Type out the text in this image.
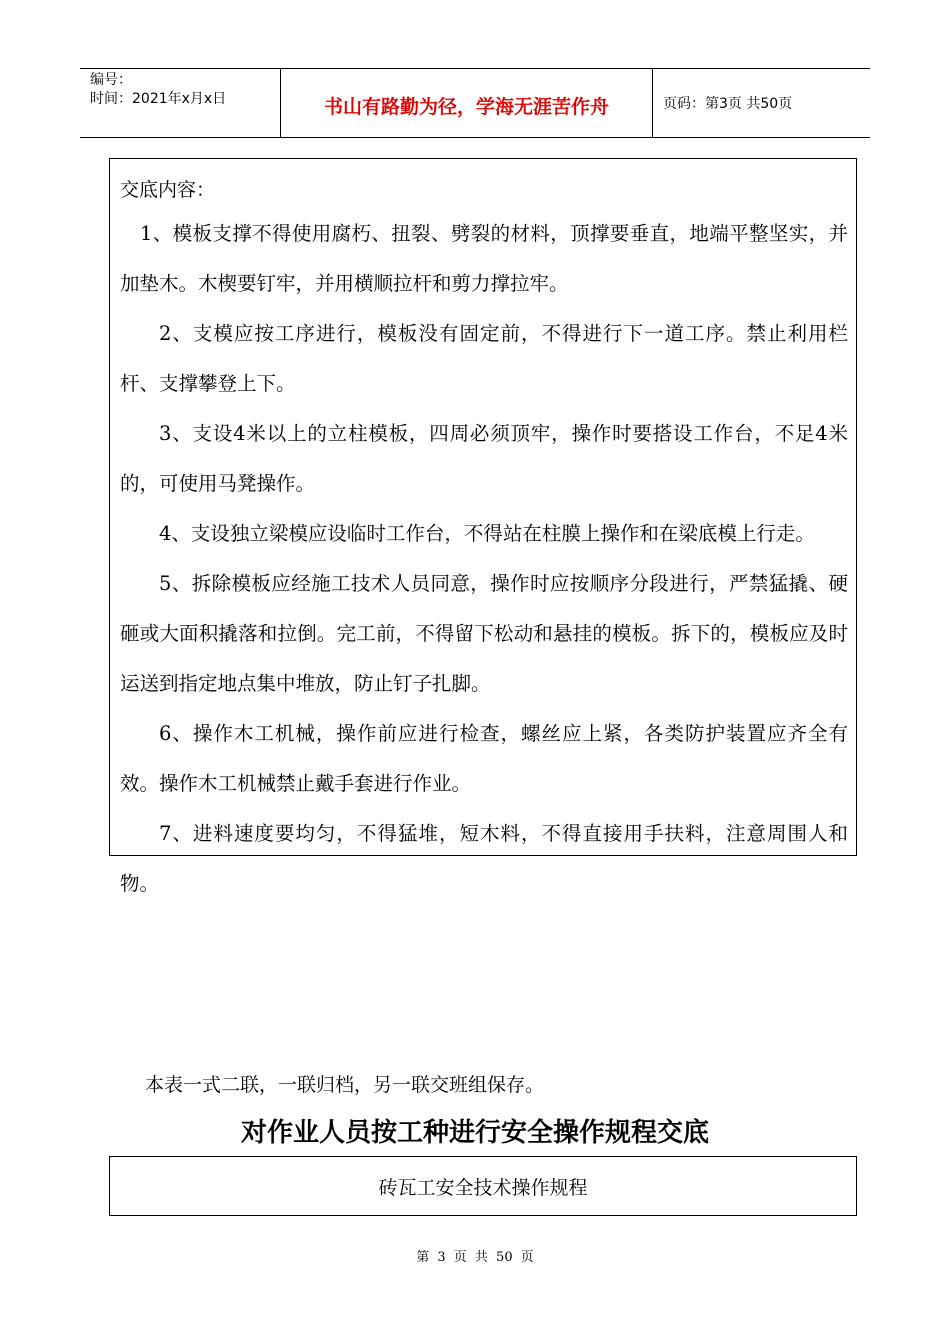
编号：
时间：2021年x月x日	书山有路勤为径，学海无涯苦作舟	页码：第3页 共50页
交底内容：

1、模板支撑不得使用腐朽、扭裂、劈裂的材料，顶撑要垂直，地端平整坚实，并加垫木。木楔要钉牢，并用横顺拉杆和剪力撑拉牢。

2、支模应按工序进行，模板没有固定前，不得进行下一道工序。禁止利用栏杆、支撑攀登上下。

3、支设4米以上的立柱模板，四周必须顶牢，操作时要搭设工作台，不足4米的，可使用马凳操作。

4、支设独立梁模应设临时工作台，不得站在柱膜上操作和在梁底模上行走。

5、拆除模板应经施工技术人员同意，操作时应按顺序分段进行，严禁猛撬、硬砸或大面积撬落和拉倒。完工前，不得留下松动和悬挂的模板。拆下的，模板应及时运送到指定地点集中堆放，防止钉子扎脚。

6、操作木工机械，操作前应进行检查，螺丝应上紧，各类防护装置应齐全有效。操作木工机械禁止戴手套进行作业。

7、进料速度要均匀，不得猛堆，短木料，不得直接用手扶料，注意周围人和物。

本表一式二联，一联归档，另一联交班组保存。
对作业人员按工种进行安全操作规程交底
砖瓦工安全技术操作规程
第 3 页 共 50 页
